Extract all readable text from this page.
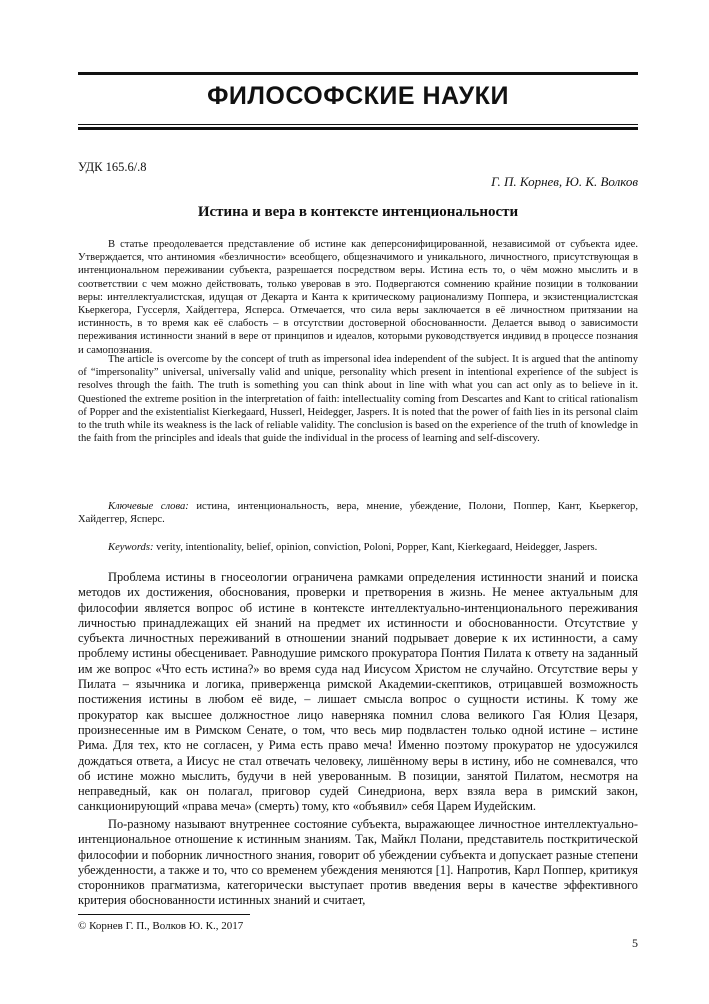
ФИЛОСОФСКИЕ НАУКИ
УДК 165.6/.8
Г. П. Корнев, Ю. К. Волков
Истина и вера в контексте интенциональности

В статье преодолевается представление об истине как деперсонифицированной, независимой от субъекта идее. Утверждается, что антиномия «безличности» всеобщего, общезначимого и уникального, личностного, присутствующая в интенциональном переживании субъекта, разрешается посредством веры. Истина есть то, о чём можно мыслить и в соответствии с чем можно действовать, только уверовав в это. Подвергаются сомнению крайние позиции в толковании веры: интеллектуалистская, идущая от Декарта и Канта к критическому рационализму Поппера, и экзистенциалистская Кьеркегора, Гуссерля, Хайдеггера, Ясперса. Отмечается, что сила веры заключается в её личностном притязании на истинность, в то время как её слабость – в отсутствии достоверной обоснованности. Делается вывод о зависимости переживания истинности знаний в вере от принципов и идеалов, которыми руководствуется индивид в процессе познания и самопознания.

The article is overcome by the concept of truth as impersonal idea independent of the subject. It is argued that the antinomy of “impersonality” universal, universally valid and unique, personality which present in intentional experience of the subject is resolves through the faith. The truth is something you can think about in line with what you can act only as to believe in it. Questioned the extreme position in the interpretation of faith: intellectuality coming from Descartes and Kant to critical rationalism of Popper and the existentialist Kierkegaard, Husserl, Heidegger, Jaspers. It is noted that the power of faith lies in its personal claim to the truth while its weakness is the lack of reliable validity. The conclusion is based on the experience of the truth of knowledge in the faith from the principles and ideals that guide the individual in the process of learning and self-discovery.

Ключевые слова: истина, интенциональность, вера, мнение, убеждение, Полони, Поппер, Кант, Кьеркегор, Хайдеггер, Ясперс.

Keywords: verity, intentionality, belief, opinion, conviction, Poloni, Popper, Kant, Kierkegaard, Heidegger, Jaspers.

Проблема истины в гносеологии ограничена рамками определения истинности знаний и поиска методов их достижения, обоснования, проверки и претворения в жизнь. Не менее актуальным для философии является вопрос об истине в контексте интеллектуально-интенционального переживания личностью принадлежащих ей знаний на предмет их истинности и обоснованности. Отсутствие у субъекта личностных переживаний в отношении знаний подрывает доверие к их истинности, а саму проблему истины обесценивает. Равнодушие римского прокуратора Понтия Пилата к ответу на заданный им же вопрос «Что есть истина?» во время суда над Иисусом Христом не случайно. Отсутствие веры у Пилата – язычника и логика, приверженца римской Академии-скептиков, отрицавшей возможность постижения истины в любом её виде, – лишает смысла вопрос о сущности истины. К тому же прокуратор как высшее должностное лицо наверняка помнил слова великого Гая Юлия Цезаря, произнесенные им в Римском Сенате, о том, что весь мир подвластен только одной истине – истине Рима. Для тех, кто не согласен, у Рима есть право меча! Именно поэтому прокуратор не удосужился дождаться ответа, а Иисус не стал отвечать человеку, лишённому веры в истину, ибо не сомневался, что об истине можно мыслить, будучи в ней уверованным. В позиции, занятой Пилатом, несмотря на неправедный, как он полагал, приговор судей Синедриона, верх взяла вера в римский закон, санкционирующий «права меча» (смерть) тому, кто «объявил» себя Царем Иудейским.

По-разному называют внутреннее состояние субъекта, выражающее личностное интеллектуально-интенциональное отношение к истинным знаниям. Так, Майкл Полани, представитель посткритической философии и поборник личностного знания, говорит об убеждении субъекта и допускает разные степени убежденности, а также и то, что со временем убеждения меняются [1]. Напротив, Карл Поппер, критикуя сторонников прагматизма, категорически выступает против введения веры в качестве эффективного критерия обоснованности истинных знаний и считает,

© Корнев Г. П., Волков Ю. К., 2017
5
